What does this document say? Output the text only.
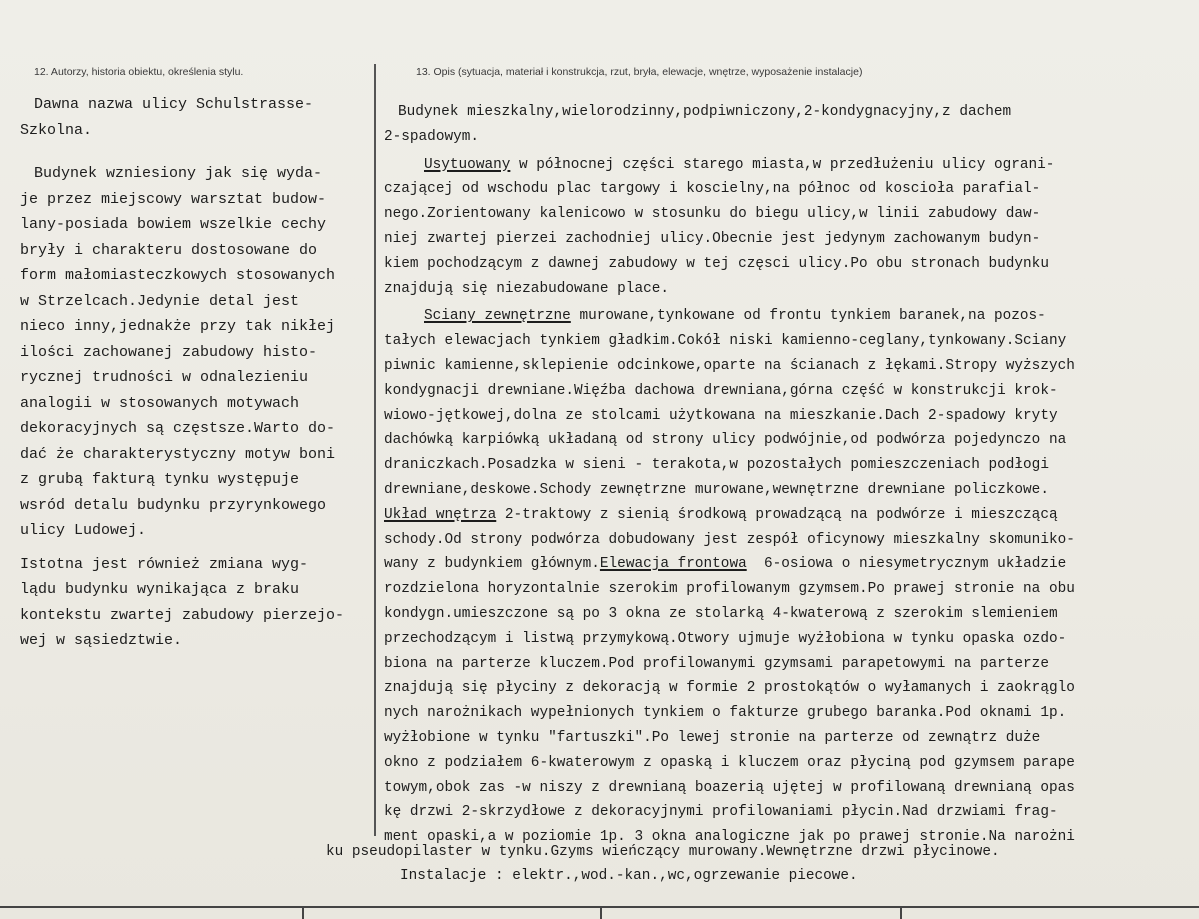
12. Autorzy, historia obiektu, określenia stylu.	13. Opis (sytuacja, materiał i konstrukcja, rzut, bryła, elewacje, wnętrze, wyposażenie instalacje)
Dawna nazwa ulicy Schulstrasse-
Szkolna.
Budynek wzniesiony jak się wyda-
je przez miejscowy warsztat budow-
lany-posiada bowiem wszelkie cechy
bryły i charakteru dostosowane do
form małomiasteczkowych stosowanych
w Strzelcach.Jedynie detal jest
nieco inny,jednakże przy tak nikłej
ilości zachowanej zabudowy histo-
rycznej trudności w odnalezieniu
analogii w stosowanych motywach
dekoracyjnych są częstsze.Warto do-
dać że charakterystyczny motyw boni
z grubą fakturą tynku występuje
wsród detalu budynku przyrynkowego
ulicy Ludowej.
Istotna jest również zmiana wyg-
lądu budynku wynikająca z braku
kontekstu zwartej zabudowy pierzejo-
wej w sąsiedztwie.
Budynek mieszkalny,wielorodzinny,podpiwniczony,2-kondygnacyjny,z dachem
2-spadowym.
Usytuowany w północnej części starego miasta,w przedłużeniu ulicy ograni-
czającej od wschodu plac targowy i koscielny,na północ od koscioła parafial-
nego.Zorientowany kalenicowo w stosunku do biegu ulicy,w linii zabudowy daw-
niej zwartej pierzei zachodniej ulicy.Obecnie jest jedynym zachowanym budyn-
kiem pochodzącym z dawnej zabudowy w tej częsci ulicy.Po obu stronach budynku
znajdują się niezabudowane place.
Sciany zewnętrzne murowane,tynkowane od frontu tynkiem baranek,na pozos-
tałych elewacjach tynkiem gładkim.Cokół niski kamienno-ceglany,tynkowany.Sciany
piwnic kamienne,sklepienie odcinkowe,oparte na ścianach z łękami.Stropy wyższych
kondygnacji drewniane.Więźba dachowa drewniana,górna część w konstrukcji krok-
wiowo-jętkowej,dolna ze stolcami użytkowana na mieszkanie.Dach 2-spadowy kryty
dachówką karpiówką układaną od strony ulicy podwójnie,od podwórza pojedynczo na
draniczkach.Posadzka w sieni - terakota,w pozostałych pomieszczeniach podłogi
drewniane,deskowe.Schody zewnętrzne murowane,wewnętrzne drewniane policzkowe.
Układ wnętrza 2-traktowy z sienią środkową prowadzącą na podwórze i mieszczącą
schody.Od strony podwórza dobudowany jest zespół oficynowy mieszkalny skomuniko-
wany z budynkiem głównym.Elewacja frontowa  6-osiowa o niesymetrycznym układzie
rozdzielona horyzontalnie szerokim profilowanym gzymsem.Po prawej stronie na obu
kondygn.umieszczone są po 3 okna ze stolarką 4-kwaterową z szerokim slemieniem
przechodzącym i listwą przymykową.Otwory ujmuje wyżłobiona w tynku opaska ozdo-
biona na parterze kluczem.Pod profilowanymi gzymsami parapetowymi na parterze
znajdują się płyciny z dekoracją w formie 2 prostokątów o wyłamanych i zaokrąglo
nych narożnikach wypełnionych tynkiem o fakturze grubego baranka.Pod oknami 1p.
wyżłobione w tynku "fartuszki".Po lewej stronie na parterze od zewnątrz duże
okno z podziałem 6-kwaterowym z opaską i kluczem oraz płyciną pod gzymsem parape
towym,obok zas -w niszy z drewnianą boazerią ujętej w profilowaną drewnianą opas
kę drzwi 2-skrzydłowe z dekoracyjnymi profilowaniami płycin.Nad drzwiami frag-
ment opaski,a w poziomie 1p. 3 okna analogiczne jak po prawej stronie.Na narożni
ku pseudopilaster w tynku.Gzyms wieńczący murowany.Wewnętrzne drzwi płycinowe.
Instalacje : elektr.,wod.-kan.,wc,ogrzewanie piecowe.
